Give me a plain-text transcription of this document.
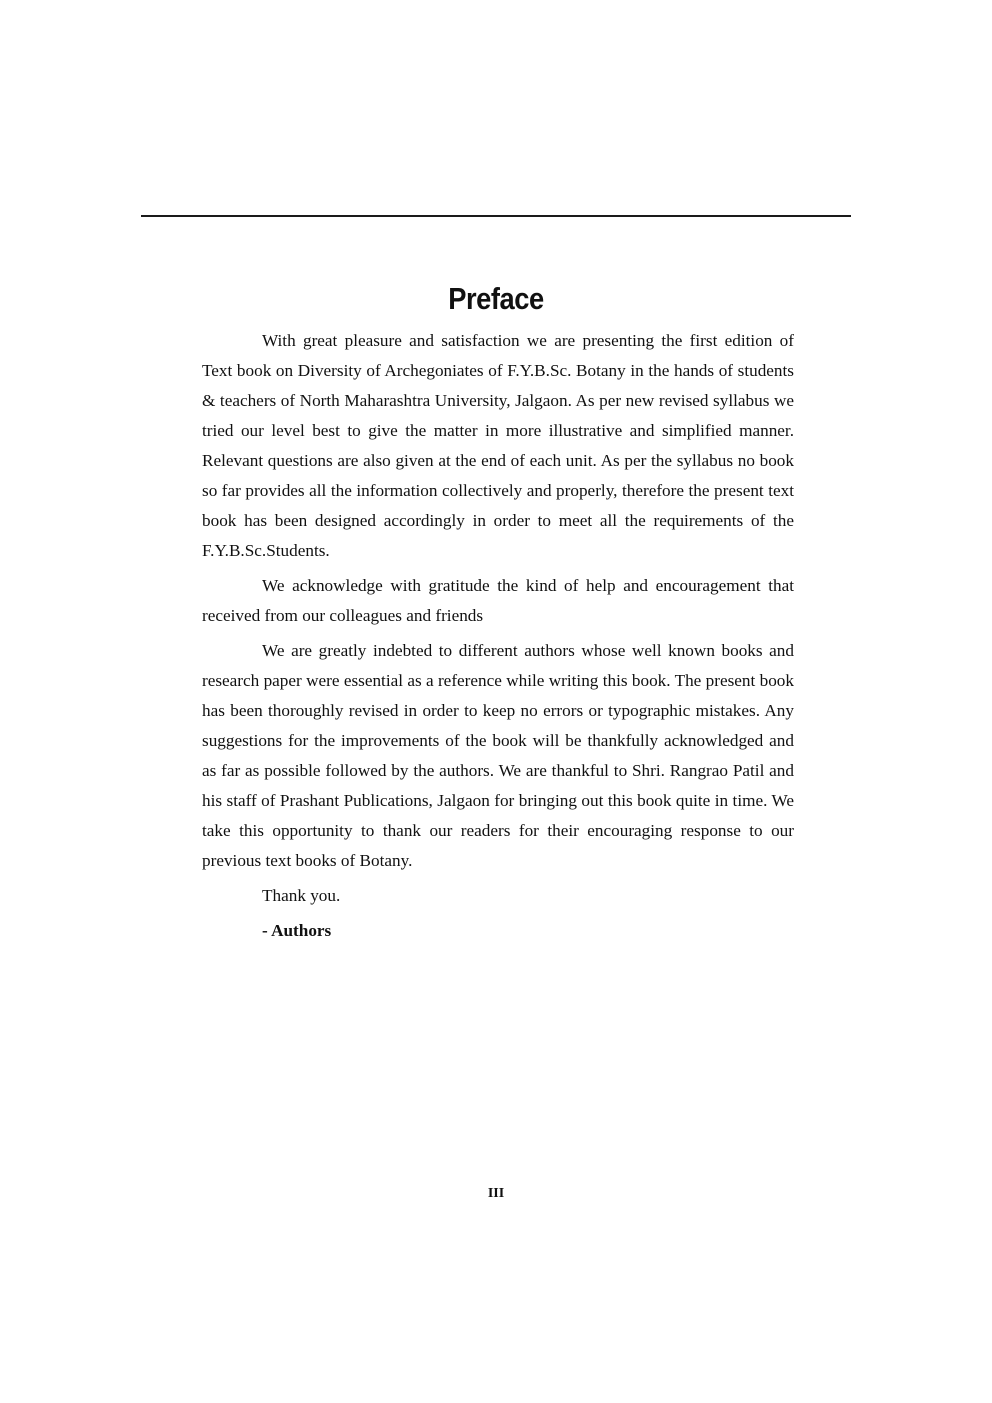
Preface

With great pleasure and satisfaction we are presenting the first edition of Text book on Diversity of Archegoniates of F.Y.B.Sc. Botany in the hands of students & teachers of North Maharashtra University, Jalgaon. As per new revised syllabus we tried our level best to give the matter in more illustrative and simplified manner. Relevant questions are also given at the end of each unit. As per the syllabus no book so far provides all the information collectively and properly, therefore the present text book has been designed accordingly in order to meet all the requirements of the F.Y.B.Sc.Students.

We acknowledge with gratitude the kind of help and encouragement that received from our colleagues and friends

We are greatly indebted to different authors whose well known books and research paper were essential as a reference while writing this book. The present book has been thoroughly revised in order to keep no errors or typographic mistakes. Any suggestions for the improvements of the book will be thankfully acknowledged and as far as possible followed by the authors. We are thankful to Shri. Rangrao Patil and his staff of Prashant Publications, Jalgaon for bringing out this book quite in time. We take this opportunity to thank our readers for their encouraging response to our previous text books of Botany.

Thank you.

- Authors

III
